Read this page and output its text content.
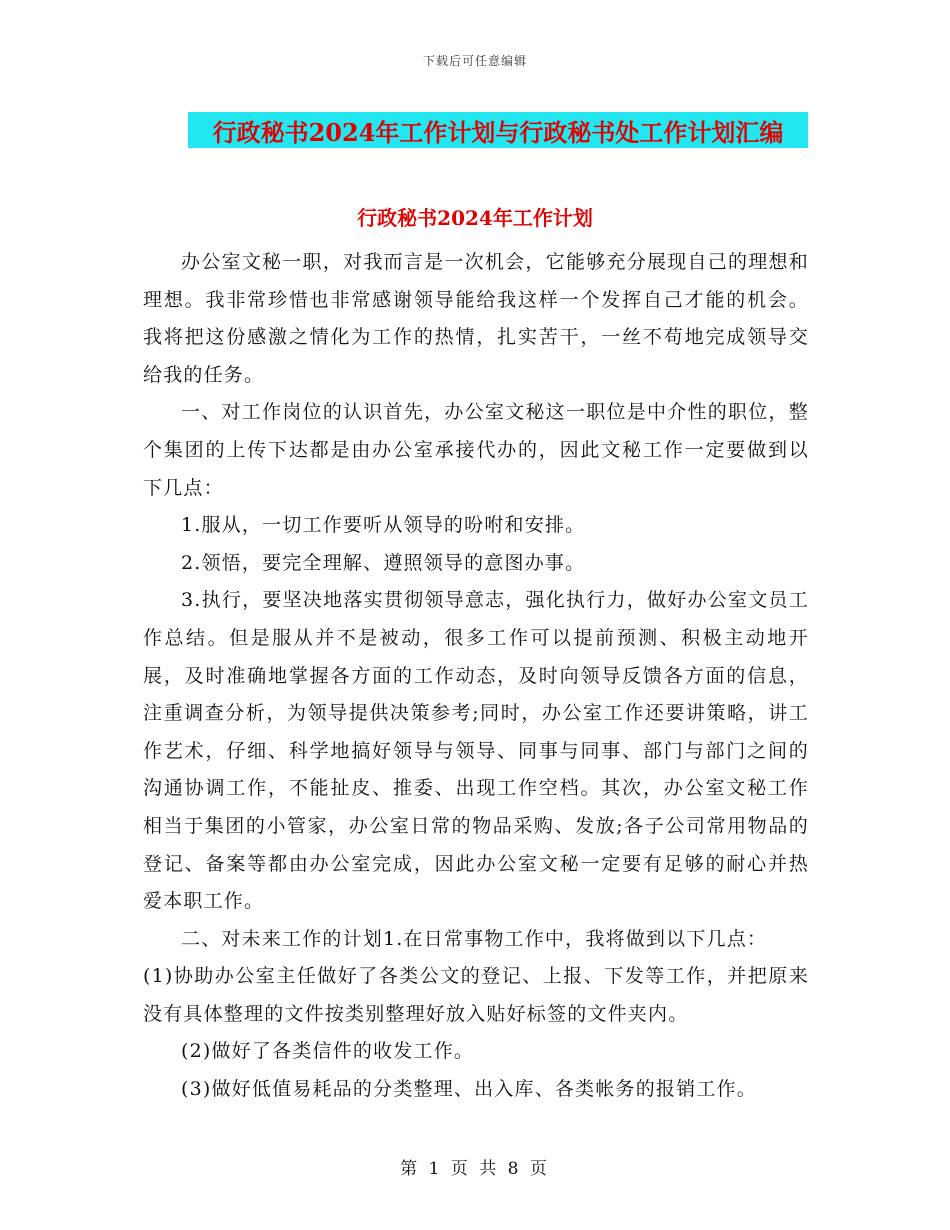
下载后可任意编辑
行政秘书2024年工作计划与行政秘书处工作计划汇编
行政秘书2024年工作计划

办公室文秘一职，对我而言是一次机会，它能够充分展现自己的理想和理想。我非常珍惜也非常感谢领导能给我这样一个发挥自己才能的机会。我将把这份感激之情化为工作的热情，扎实苦干，一丝不苟地完成领导交给我的任务。

一、对工作岗位的认识首先，办公室文秘这一职位是中介性的职位，整个集团的上传下达都是由办公室承接代办的，因此文秘工作一定要做到以下几点：

1.服从，一切工作要听从领导的吩咐和安排。

2.领悟，要完全理解、遵照领导的意图办事。

3.执行，要坚决地落实贯彻领导意志，强化执行力，做好办公室文员工作总结。但是服从并不是被动，很多工作可以提前预测、积极主动地开展，及时准确地掌握各方面的工作动态，及时向领导反馈各方面的信息，注重调查分析，为领导提供决策参考;同时，办公室工作还要讲策略，讲工作艺术，仔细、科学地搞好领导与领导、同事与同事、部门与部门之间的沟通协调工作，不能扯皮、推委、出现工作空档。其次，办公室文秘工作相当于集团的小管家，办公室日常的物品采购、发放;各子公司常用物品的登记、备案等都由办公室完成，因此办公室文秘一定要有足够的耐心并热爱本职工作。

二、对未来工作的计划1.在日常事物工作中，我将做到以下几点：

(1)协助办公室主任做好了各类公文的登记、上报、下发等工作，并把原来没有具体整理的文件按类别整理好放入贴好标签的文件夹内。

(2)做好了各类信件的收发工作。

(3)做好低值易耗品的分类整理、出入库、各类帐务的报销工作。

第 1 页 共 8 页
